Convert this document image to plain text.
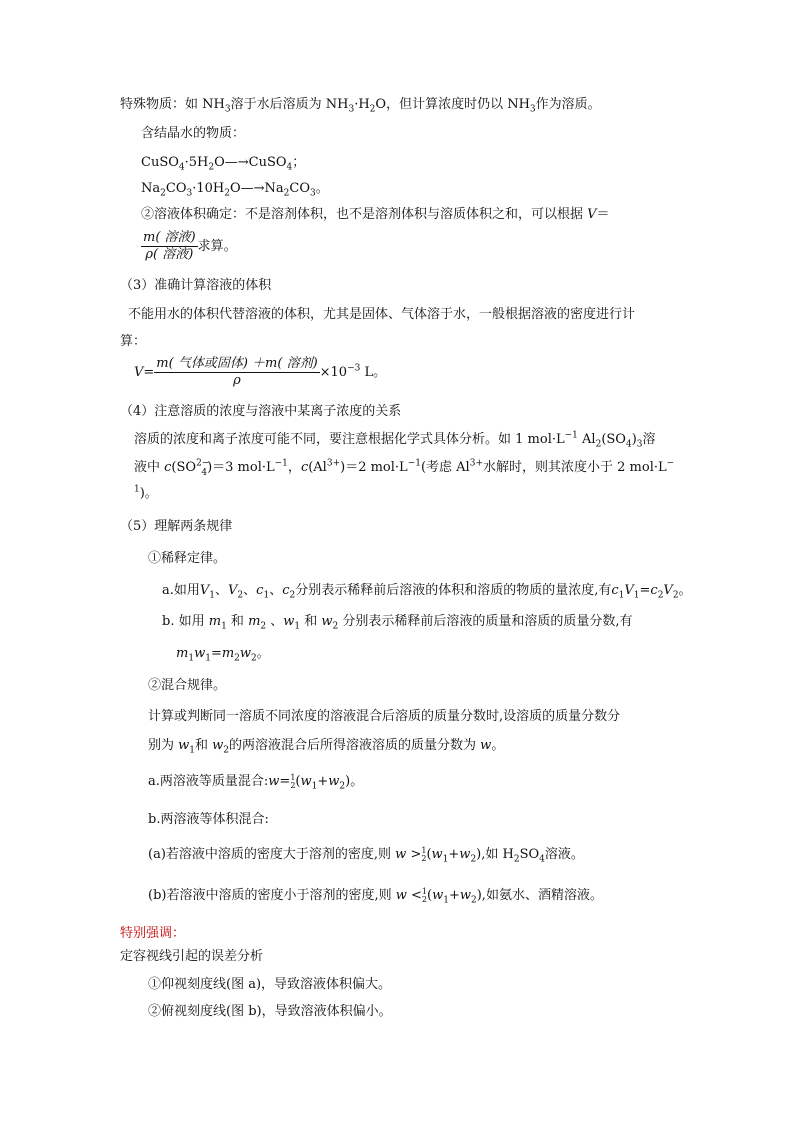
特殊物质：如 $NH_3$溶于水后溶质为 $NH_3\cdot H_2O$，但计算浓度时仍以 $NH_3$作为溶质。
含结晶水的物质：
$CuSO_4\cdot 5H_2O—\to CuSO_4$；
$Na_2CO_3\cdot 10H_2O—\to Na_2CO_3$。
②溶液体积确定：不是溶剂体积，也不是溶剂体积与溶质体积之和，可以根据 V＝
$\frac{\text{m( 溶液)}}{\text{ρ( 溶液)}}$ 求算。
（3）准确计算溶液的体积
不能用水的体积代替溶液的体积，尤其是固体、气体溶于水，一般根据溶液的密度进行计
算：
$V= \frac{\text{m( 气体或固体) ＋m( 溶剂)}}{\rho} \times 10^{-3}$ L。
（4）注意溶质的浓度与溶液中某离子浓度的关系
溶质的浓度和离子浓度可能不同，要注意根据化学式具体分析。如 1 $mol\cdot L^{-1}$ $Al_2(SO_4)_3$溶
液中 $c(SO^{2-}_4)=3$ $mol\cdot L^{-1}$，$c(Al^{3+})=2$ $mol\cdot L^{-1}$(考虑 $Al^{3+}$水解时，则其浓度小于 2 mol·L−
$^1$)。
（5）理解两条规律
①稀释定律。
a.如用$V_1$、$V_2$、$c_1$、$c_2$分别表示稀释前后溶液的体积和溶质的物质的量浓度,有$c_1V_1=c_2V_2$。
b. 如用 $m_1$ 和 $m_2$ 、$w_1$ 和 $w_2$ 分别表示稀释前后溶液的质量和溶质的质量分数,有
$m_1w_1=m_2w_2$。
②混合规律。
计算或判断同一溶质不同浓度的溶液混合后溶质的质量分数时,设溶质的质量分数分
别为 $w_1$和 $w_2$的两溶液混合后所得溶液溶质的质量分数为 w。
a.两溶液等质量混合:w= 1
2 $(w_1+w_2)$。
b.两溶液等体积混合:
(a)若溶液中溶质的密度大于溶剂的密度,则 w > 1
2 $(w_1+w_2)$,如 $H_2SO_4$溶液。
(b)若溶液中溶质的密度小于溶剂的密度,则 w < 1
2 $(w_1+w_2)$,如氨水、酒精溶液。
特别强调：
定容视线引起的误差分析
①仰视刻度线(图 a)，导致溶液体积偏大。
②俯视刻度线(图 b)，导致溶液体积偏小。
